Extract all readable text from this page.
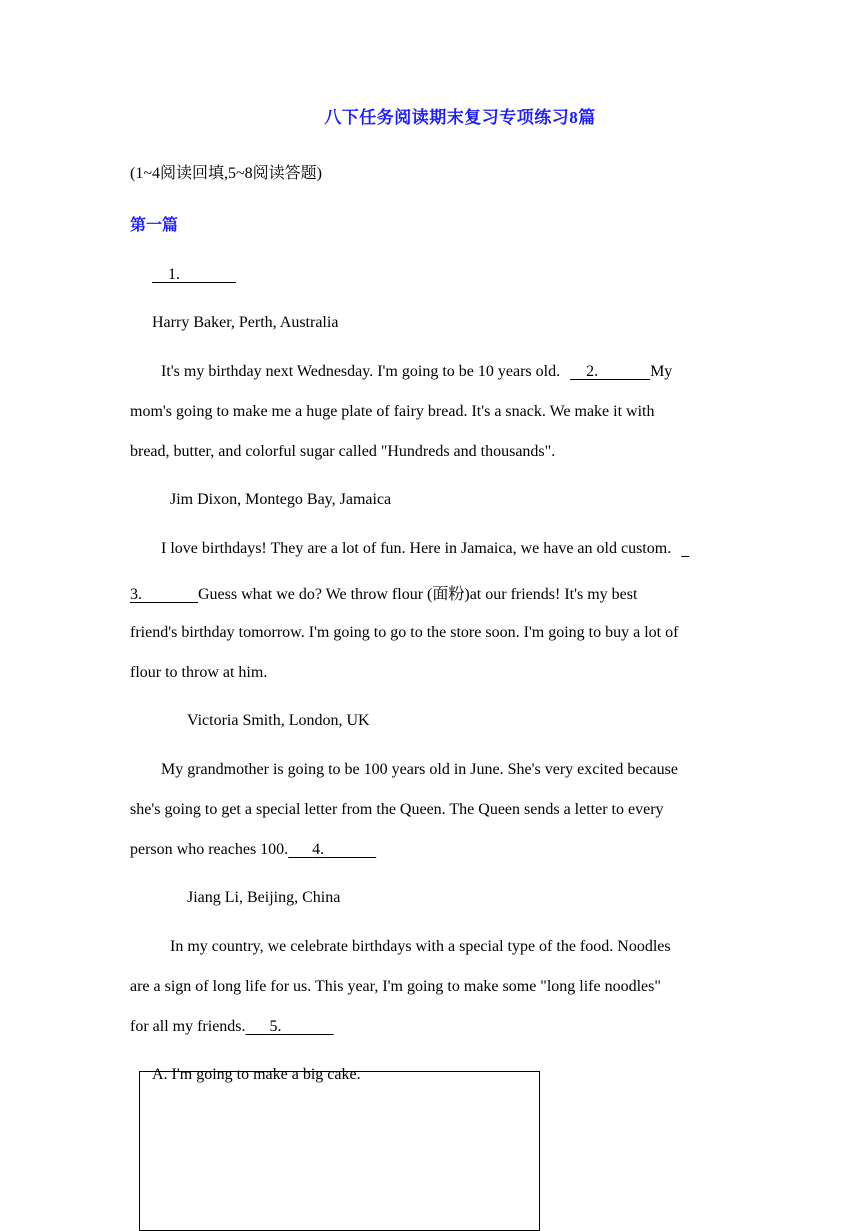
八下任务阅读期末复习专项练习8篇
(1~4阅读回填,5~8阅读答题)
第一篇
1.
Harry Baker, Perth, Australia
It's my birthday next Wednesday. I'm going to be 10 years old. 2.	My
mom's going to make me a huge plate of fairy bread. It's a snack. We make it with
bread, butter, and colorful sugar called "Hundreds and thousands".
Jim Dixon, Montego Bay, Jamaica
I love birthdays! They are a lot of fun. Here in Jamaica, we have an old custom.
3.	Guess what we do? We throw flour (面粉)at our friends! It's my best
friend's birthday tomorrow. I'm going to go to the store soon. I'm going to buy a lot of
flour to throw at him.
Victoria Smith, London, UK
My grandmother is going to be 100 years old in June. She's very excited because
she's going to get a special letter from the Queen. The Queen sends a letter to every
person who reaches 100. 4.
Jiang Li, Beijing, China
In my country, we celebrate birthdays with a special type of the food. Noodles
are a sign of long life for us. This year, I'm going to make some "long life noodles"
for all my friends. 5.
A. I'm going to make a big cake.
